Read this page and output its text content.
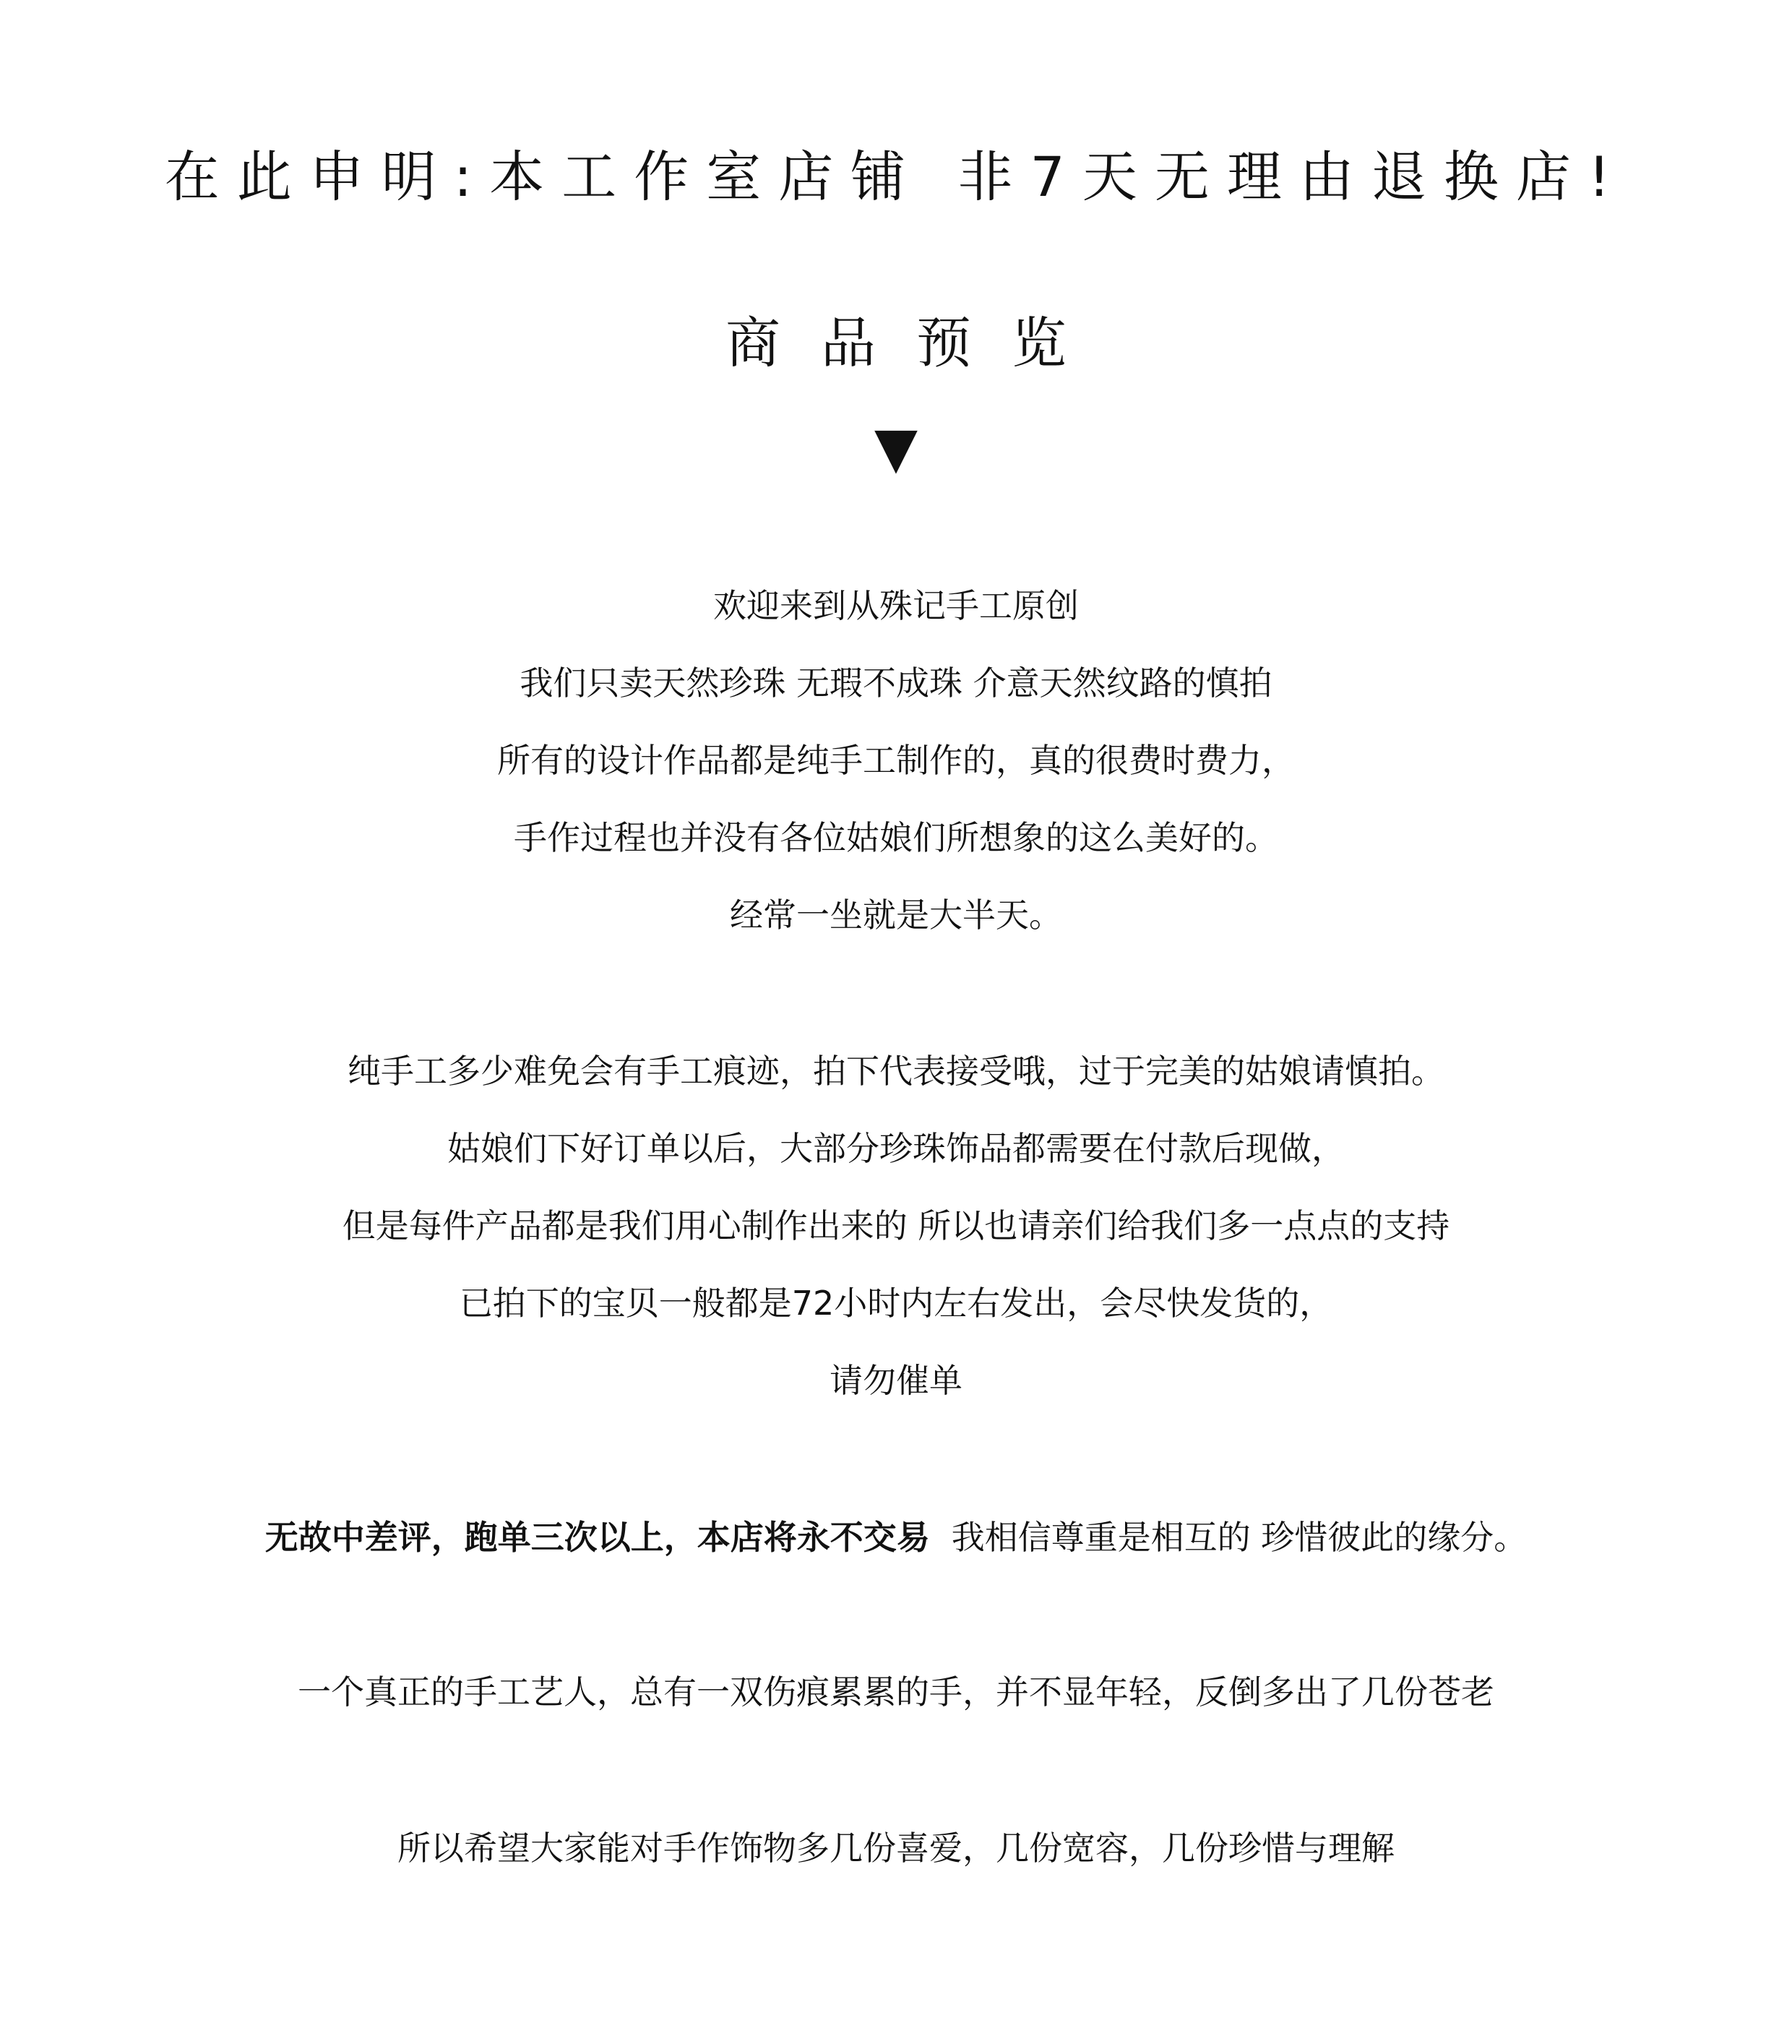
在此申明:本工作室店铺 非7天无理由退换店!
商品预览
▼
欢迎来到从殊记手工原创
我们只卖天然珍珠 无瑕不成珠 介意天然纹路的慎拍
所有的设计作品都是纯手工制作的，真的很费时费力，
手作过程也并没有各位姑娘们所想象的这么美好的。
经常一坐就是大半天。
纯手工多少难免会有手工痕迹，拍下代表接受哦，过于完美的姑娘请慎拍。
姑娘们下好订单以后，大部分珍珠饰品都需要在付款后现做，
但是每件产品都是我们用心制作出来的 所以也请亲们给我们多一点点的支持
已拍下的宝贝一般都是72小时内左右发出，会尽快发货的，
请勿催单
无故中差评，跑单三次以上，本店将永不交易 我相信尊重是相互的 珍惜彼此的缘分。
一个真正的手工艺人，总有一双伤痕累累的手，并不显年轻，反倒多出了几份苍老
所以希望大家能对手作饰物多几份喜爱，几份宽容，几份珍惜与理解
